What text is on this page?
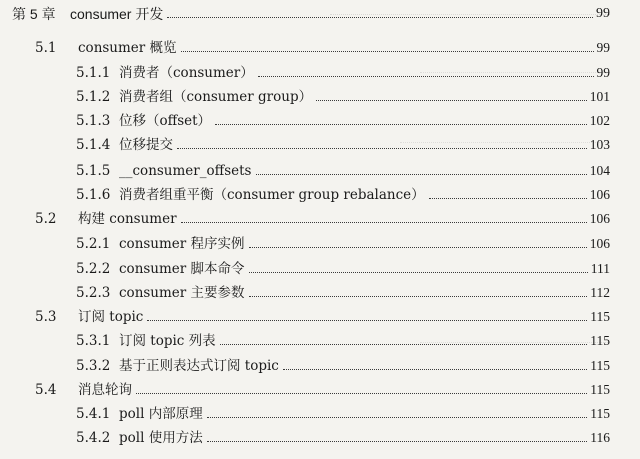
第 5 章	consumer 开发	99
5.1	consumer 概览	99
5.1.1 消费者（consumer）	99
5.1.2 消费者组（consumer group）	101
5.1.3 位移（offset）	102
5.1.4 位移提交	103
5.1.5 __consumer_offsets	104
5.1.6 消费者组重平衡（consumer group rebalance）	106
5.2	构建 consumer	106
5.2.1 consumer 程序实例	106
5.2.2 consumer 脚本命令	111
5.2.3 consumer 主要参数	112
5.3	订阅 topic	115
5.3.1 订阅 topic 列表	115
5.3.2 基于正则表达式订阅 topic	115
5.4	消息轮询	115
5.4.1 poll 内部原理	115
5.4.2 poll 使用方法	116
